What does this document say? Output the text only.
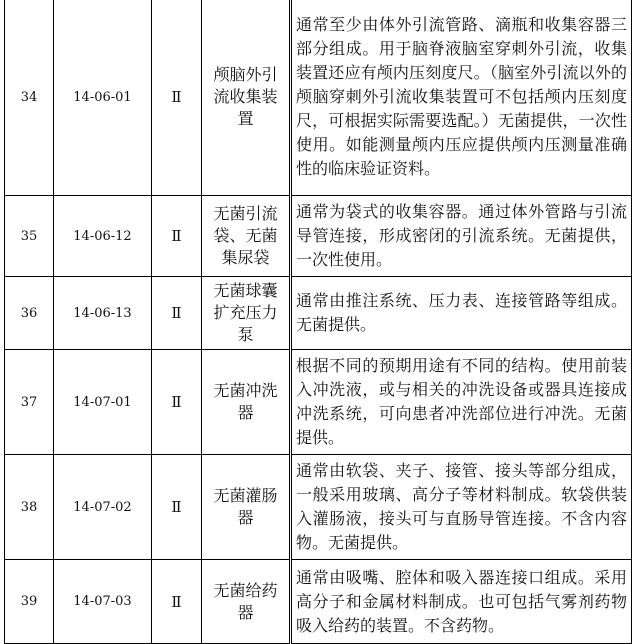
34	14-06-01	Ⅱ	颅脑外引流收集装置	通常至少由体外引流管路、滴瓶和收集容器三部分组成。用于脑脊液脑室穿刺外引流，收集装置还应有颅内压刻度尺。（脑室外引流以外的颅脑穿刺外引流收集装置可不包括颅内压刻度尺，可根据实际需要选配。）无菌提供，一次性使用。如能测量颅内压应提供颅内压测量准确性的临床验证资料。
35	14-06-12	Ⅱ	无菌引流袋、无菌集尿袋	通常为袋式的收集容器。通过体外管路与引流导管连接，形成密闭的引流系统。无菌提供，一次性使用。
36	14-06-13	Ⅱ	无菌球囊扩充压力泵	通常由推注系统、压力表、连接管路等组成。无菌提供。
37	14-07-01	Ⅱ	无菌冲洗器	根据不同的预期用途有不同的结构。使用前装入冲洗液，或与相关的冲洗设备或器具连接成冲洗系统，可向患者冲洗部位进行冲洗。无菌提供。
38	14-07-02	Ⅱ	无菌灌肠器	通常由软袋、夹子、接管、接头等部分组成，一般采用玻璃、高分子等材料制成。软袋供装入灌肠液，接头可与直肠导管连接。不含内容物。无菌提供。
39	14-07-03	Ⅱ	无菌给药器	通常由吸嘴、腔体和吸入器连接口组成。采用高分子和金属材料制成。也可包括气雾剂药物吸入给药的装置。不含药物。
